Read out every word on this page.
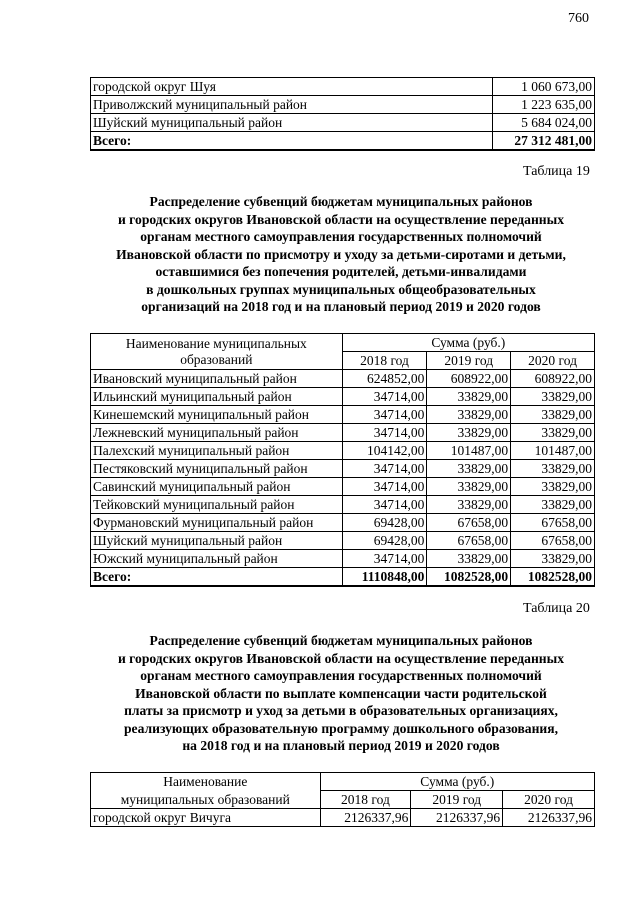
760
городской округ Шуя	1 060 673,00
Приволжский муниципальный район	1 223 635,00
Шуйский муниципальный район	5 684 024,00
Всего:	27 312 481,00
Таблица 19
Распределение субвенций бюджетам муниципальных районов
и городских округов Ивановской области на осуществление переданных
органам местного самоуправления государственных полномочий
Ивановской области по присмотру и уходу за детьми-сиротами и детьми,
оставшимися без попечения родителей, детьми-инвалидами
в дошкольных группах муниципальных общеобразовательных
организаций на 2018 год и на плановый период 2019 и 2020 годов
Наименование муниципальных образований	Сумма (руб.)		
	2018 год	2019 год	2020 год
Ивановский муниципальный район	624852,00	608922,00	608922,00
Ильинский муниципальный район	34714,00	33829,00	33829,00
Кинешемский муниципальный район	34714,00	33829,00	33829,00
Лежневский муниципальный район	34714,00	33829,00	33829,00
Палехский муниципальный район	104142,00	101487,00	101487,00
Пестяковский муниципальный район	34714,00	33829,00	33829,00
Савинский муниципальный район	34714,00	33829,00	33829,00
Тейковский муниципальный район	34714,00	33829,00	33829,00
Фурмановский муниципальный район	69428,00	67658,00	67658,00
Шуйский муниципальный район	69428,00	67658,00	67658,00
Южский муниципальный район	34714,00	33829,00	33829,00
Всего:	1110848,00	1082528,00	1082528,00
Таблица 20
Распределение субвенций бюджетам муниципальных районов
и городских округов Ивановской области на осуществление переданных
органам местного самоуправления государственных полномочий
Ивановской области по выплате компенсации части родительской
платы за присмотр и уход за детьми в образовательных организациях,
реализующих образовательную программу дошкольного образования,
на 2018 год и на плановый период 2019 и 2020 годов
Наименование	Сумма (руб.)		
муниципальных образований	2018 год	2019 год	2020 год
городской округ Вичуга	2126337,96	2126337,96	2126337,96
